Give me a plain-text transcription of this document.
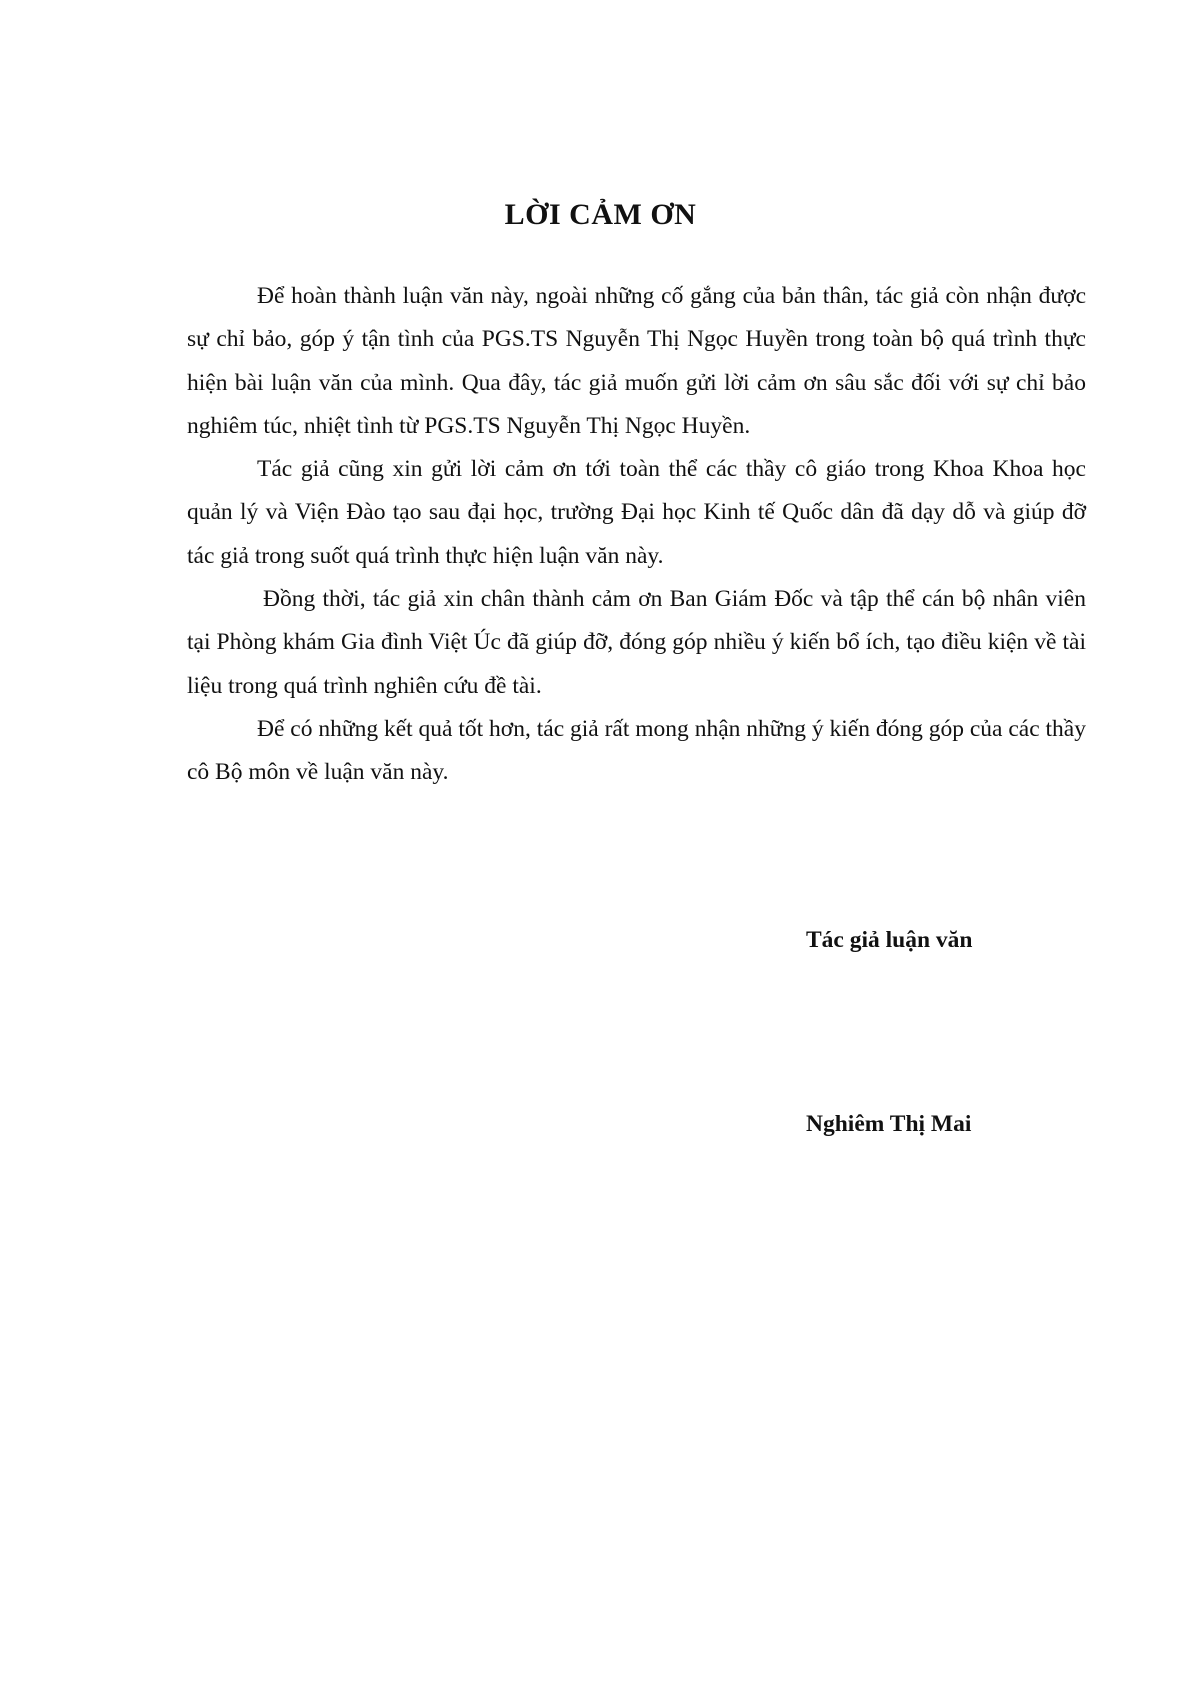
LỜI CẢM ƠN

Để hoàn thành luận văn này, ngoài những cố gắng của bản thân, tác giả còn nhận được sự chỉ bảo, góp ý tận tình của PGS.TS Nguyễn Thị Ngọc Huyền trong toàn bộ quá trình thực hiện bài luận văn của mình. Qua đây, tác giả muốn gửi lời cảm ơn sâu sắc đối với sự chỉ bảo nghiêm túc, nhiệt tình từ PGS.TS Nguyễn Thị Ngọc Huyền.

Tác giả cũng xin gửi lời cảm ơn tới toàn thể các thầy cô giáo trong Khoa Khoa học quản lý và Viện Đào tạo sau đại học, trường Đại học Kinh tế Quốc dân đã dạy dỗ và giúp đỡ tác giả trong suốt quá trình thực hiện luận văn này.

Đồng thời, tác giả xin chân thành cảm ơn Ban Giám Đốc và tập thể cán bộ nhân viên tại Phòng khám Gia đình Việt Úc đã giúp đỡ, đóng góp nhiều ý kiến bổ ích, tạo điều kiện về tài liệu trong quá trình nghiên cứu đề tài.

Để có những kết quả tốt hơn, tác giả rất mong nhận những ý kiến đóng góp của các thầy cô Bộ môn về luận văn này.

Tác giả luận văn

Nghiêm Thị Mai
